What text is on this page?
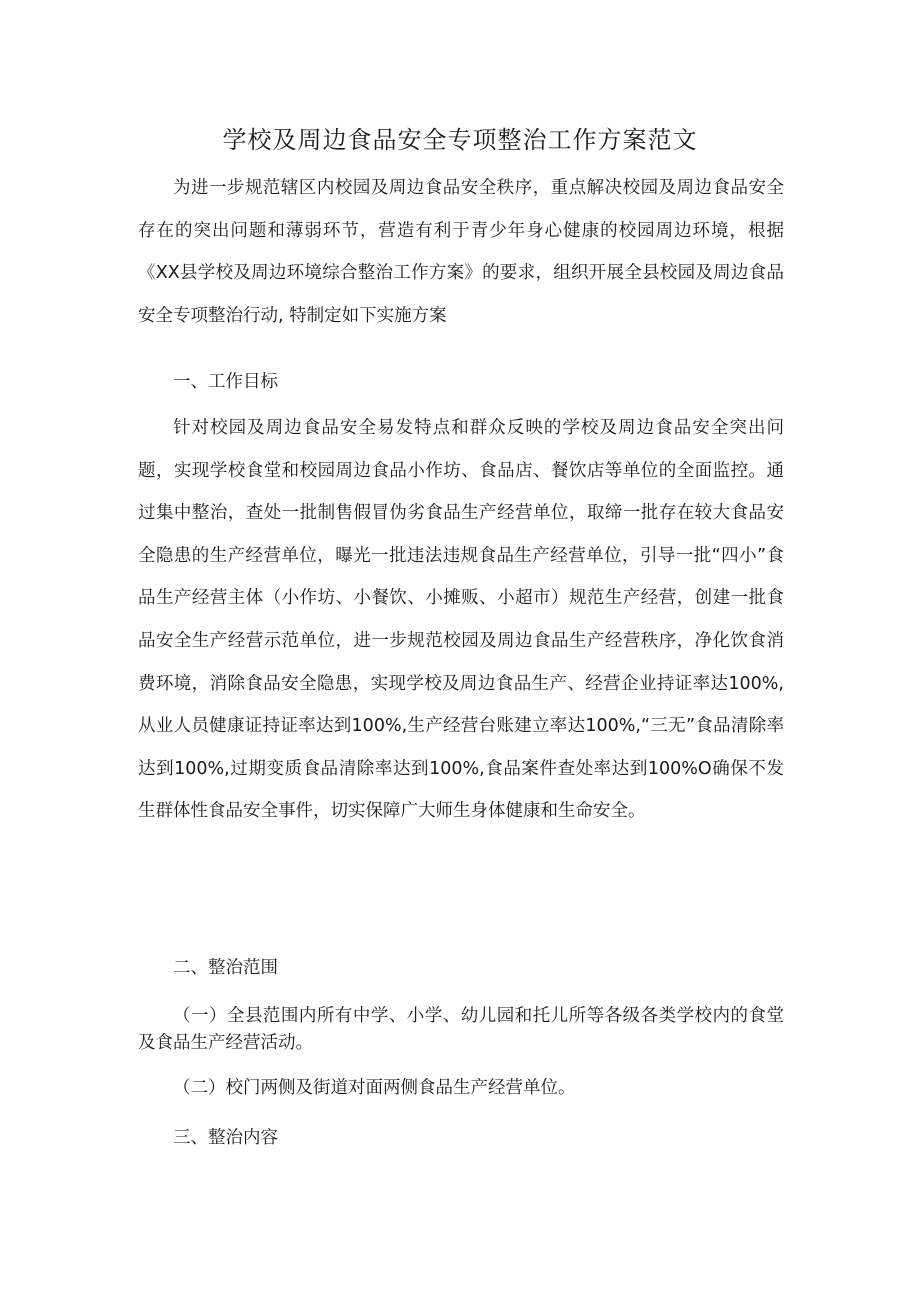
学校及周边食品安全专项整治工作方案范文

为进一步规范辖区内校园及周边食品安全秩序，重点解决校园及周边食品安全存在的突出问题和薄弱环节，营造有利于青少年身心健康的校园周边环境，根据《XX县学校及周边环境综合整治工作方案》的要求，组织开展全县校园及周边食品安全专项整治行动, 特制定如下实施方案

一、工作目标

针对校园及周边食品安全易发特点和群众反映的学校及周边食品安全突出问题，实现学校食堂和校园周边食品小作坊、食品店、餐饮店等单位的全面监控。通过集中整治，查处一批制售假冒伪劣食品生产经营单位，取缔一批存在较大食品安全隐患的生产经营单位，曝光一批违法违规食品生产经营单位，引导一批“四小”食品生产经营主体（小作坊、小餐饮、小摊贩、小超市）规范生产经营，创建一批食品安全生产经营示范单位，进一步规范校园及周边食品生产经营秩序，净化饮食消费环境，消除食品安全隐患，实现学校及周边食品生产、经营企业持证率达100%,从业人员健康证持证率达到100%,生产经营台账建立率达100%,“三无”食品清除率达到100%,过期变质食品清除率达到100%,食品案件查处率达到100%O确保不发生群体性食品安全事件，切实保障广大师生身体健康和生命安全。

二、整治范围

（一）全县范围内所有中学、小学、幼儿园和托儿所等各级各类学校内的食堂及食品生产经营活动。

（二）校门两侧及街道对面两侧食品生产经营单位。

三、整治内容
